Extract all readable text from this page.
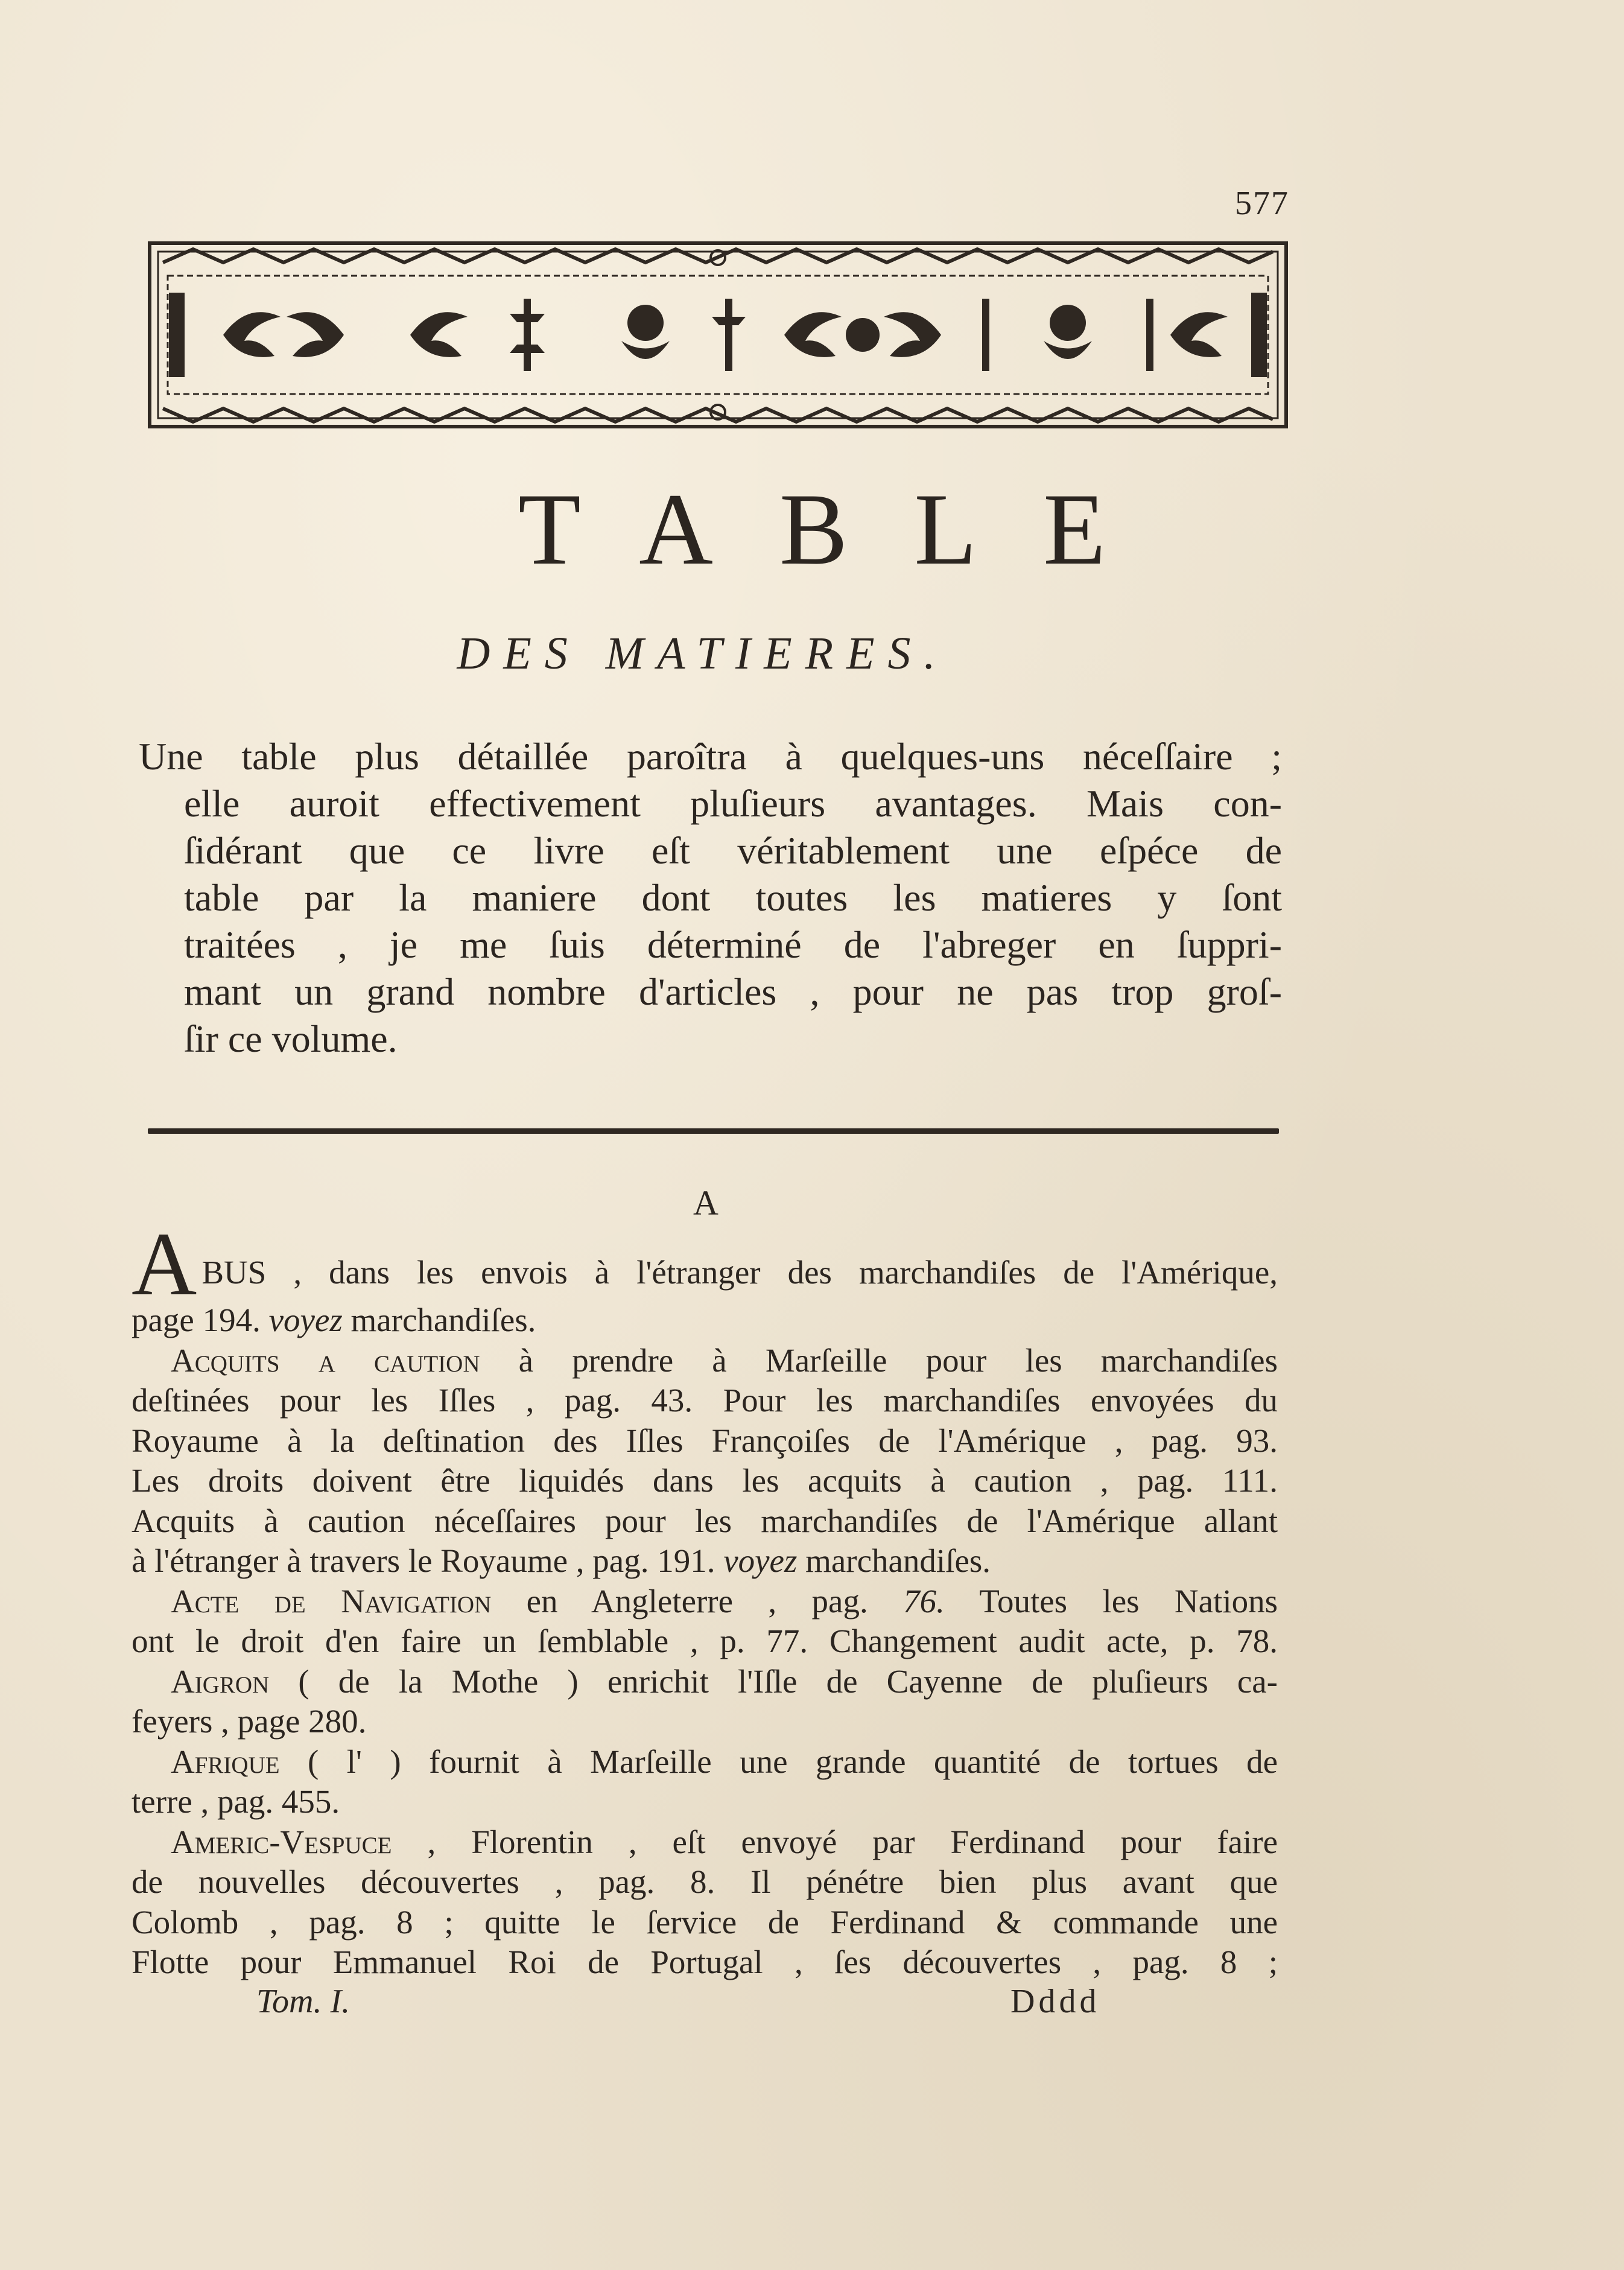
577
TABLE
DES MATIERES.
Une table plus détaillée paroîtra à quelques-uns néceſſaire ;
elle auroit effectivement pluſieurs avantages. Mais con-
ſidérant que ce livre eſt véritablement une eſpéce de
table par la maniere dont toutes les matieres y ſont
traitées , je me ſuis déterminé de l'abreger en ſuppri-
mant un grand nombre d'articles , pour ne pas trop groſ-
ſir ce volume.
A
ABUS , dans les envois à l'étranger des marchandiſes de l'Amérique,
page 194. voyez marchandiſes.
Acquits a caution à prendre à Marſeille pour les marchandiſes
deſtinées pour les Iſles , pag. 43. Pour les marchandiſes envoyées du
Royaume à la deſtination des Iſles Françoiſes de l'Amérique , pag. 93.
Les droits doivent être liquidés dans les acquits à caution , pag. 111.
Acquits à caution néceſſaires pour les marchandiſes de l'Amérique allant
à l'étranger à travers le Royaume , pag. 191. voyez marchandiſes.
Acte de Navigation en Angleterre , pag. 76. Toutes les Nations
ont le droit d'en faire un ſemblable , p. 77. Changement audit acte, p. 78.
Aigron ( de la Mothe ) enrichit l'Iſle de Cayenne de pluſieurs ca-
feyers , page 280.
Afrique ( l' ) fournit à Marſeille une grande quantité de tortues de
terre , pag. 455.
Americ-Vespuce , Florentin , eſt envoyé par Ferdinand pour faire
de nouvelles découvertes , pag. 8. Il pénétre bien plus avant que
Colomb , pag. 8 ; quitte le ſervice de Ferdinand & commande une
Flotte pour Emmanuel Roi de Portugal , ſes découvertes , pag. 8 ;
Tom. I.	Dddd
